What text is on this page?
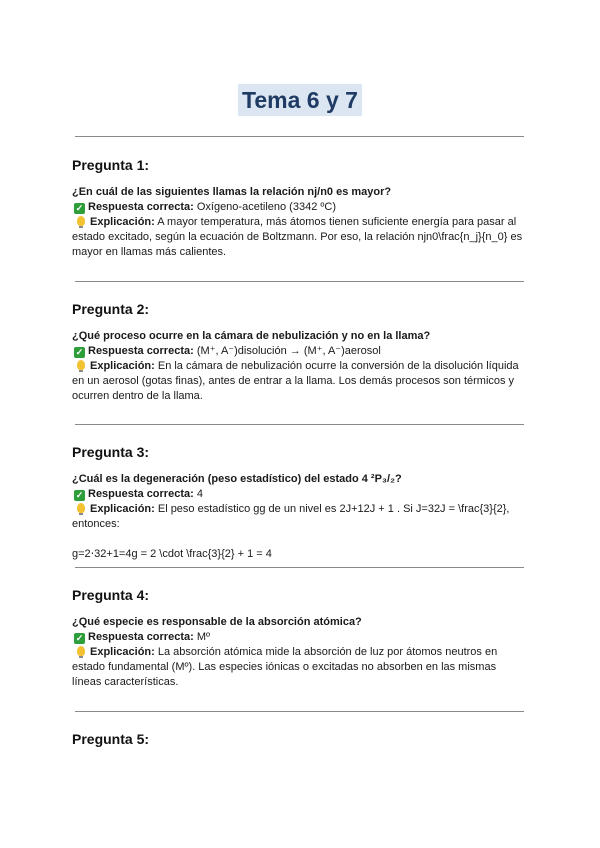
Tema 6 y 7
Pregunta 1:

¿En cuál de las siguientes llamas la relación nj/n0 es mayor?

✓ Respuesta correcta: Oxígeno-acetileno (3342 ºC)

Explicación: A mayor temperatura, más átomos tienen suficiente energía para pasar al estado excitado, según la ecuación de Boltzmann. Por eso, la relación njn0\frac{n_j}{n_0} es mayor en llamas más calientes.

Pregunta 2:

¿Qué proceso ocurre en la cámara de nebulización y no en la llama?

✓ Respuesta correcta: (M⁺, A⁻)disolución → (M⁺, A⁻)aerosol

Explicación: En la cámara de nebulización ocurre la conversión de la disolución líquida en un aerosol (gotas finas), antes de entrar a la llama. Los demás procesos son térmicos y ocurren dentro de la llama.

Pregunta 3:

¿Cuál es la degeneración (peso estadístico) del estado 4 ²P₃/₂?

✓ Respuesta correcta: 4

Explicación: El peso estadístico gg de un nivel es 2J+12J + 1 . Si J=32J = \frac{3}{2}, entonces:

g=2⋅32+1=4g = 2 \cdot \frac{3}{2} + 1 = 4

Pregunta 4:

¿Qué especie es responsable de la absorción atómica?

✓ Respuesta correcta: Mº

Explicación: La absorción atómica mide la absorción de luz por átomos neutros en estado fundamental (Mº). Las especies iónicas o excitadas no absorben en las mismas líneas características.

Pregunta 5:
